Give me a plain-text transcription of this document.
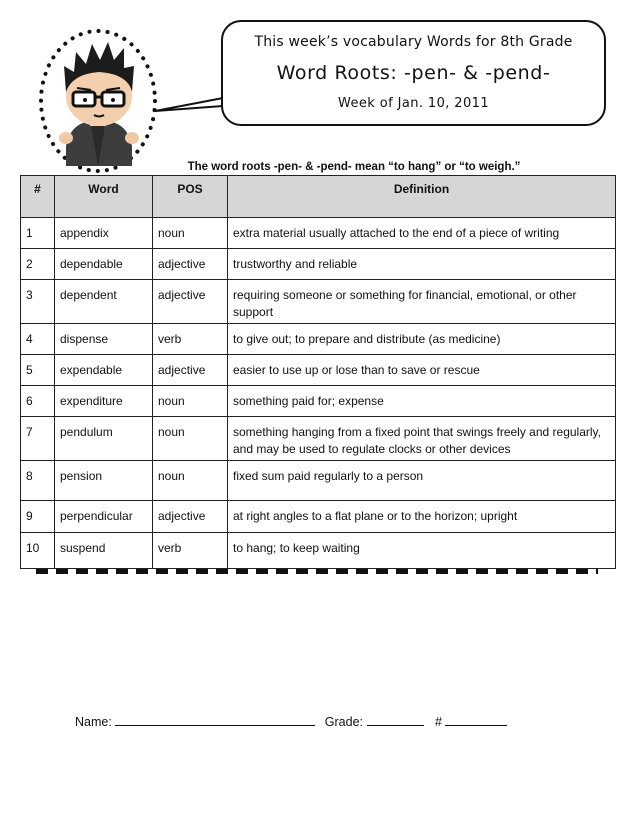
This week’s vocabulary Words for 8th Grade
Word Roots: -pen- & -pend-
Week of Jan. 10, 2011
The word roots -pen- & -pend- mean “to hang” or “to weigh.”
#	Word	POS	Definition
1	appendix	noun	extra material usually attached to the end of a piece of writing
2	dependable	adjective	trustworthy and reliable
3	dependent	adjective	requiring someone or something for financial, emotional, or other support
4	dispense	verb	to give out; to prepare and distribute (as medicine)
5	expendable	adjective	easier to use up or lose than to save or rescue
6	expenditure	noun	something paid for; expense
7	pendulum	noun	something hanging from a fixed point that swings freely and regularly, and may be used to regulate clocks or other devices
8	pension	noun	fixed sum paid regularly to a person
9	perpendicular	adjective	at right angles to a flat plane or to the horizon; upright
10	suspend	verb	to hang; to keep waiting
Name:	Grade:	#
